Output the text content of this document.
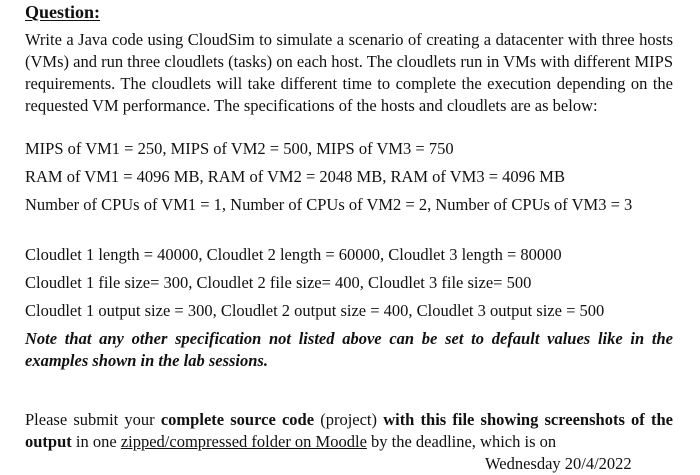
Question:

Write a Java code using CloudSim to simulate a scenario of creating a datacenter with three hosts (VMs) and run three cloudlets (tasks) on each host. The cloudlets run in VMs with different MIPS requirements. The cloudlets will take different time to complete the execution depending on the requested VM performance. The specifications of the hosts and cloudlets are as below:

MIPS of VM1 = 250, MIPS of VM2 = 500, MIPS of VM3 = 750
RAM of VM1 = 4096 MB, RAM of VM2 = 2048 MB, RAM of VM3 = 4096 MB
Number of CPUs of VM1 = 1, Number of CPUs of VM2 = 2, Number of CPUs of VM3 = 3
Cloudlet 1 length = 40000, Cloudlet 2 length = 60000, Cloudlet 3 length = 80000
Cloudlet 1 file size= 300, Cloudlet 2 file size= 400, Cloudlet 3 file size= 500
Cloudlet 1 output size = 300, Cloudlet 2 output size = 400, Cloudlet 3 output size = 500
Note that any other specification not listed above can be set to default values like in the examples shown in the lab sessions.
Please submit your complete source code (project) with this file showing screenshots of the output in one zipped/compressed folder on Moodle by the deadline, which is on
Wednesday 20/4/2022
